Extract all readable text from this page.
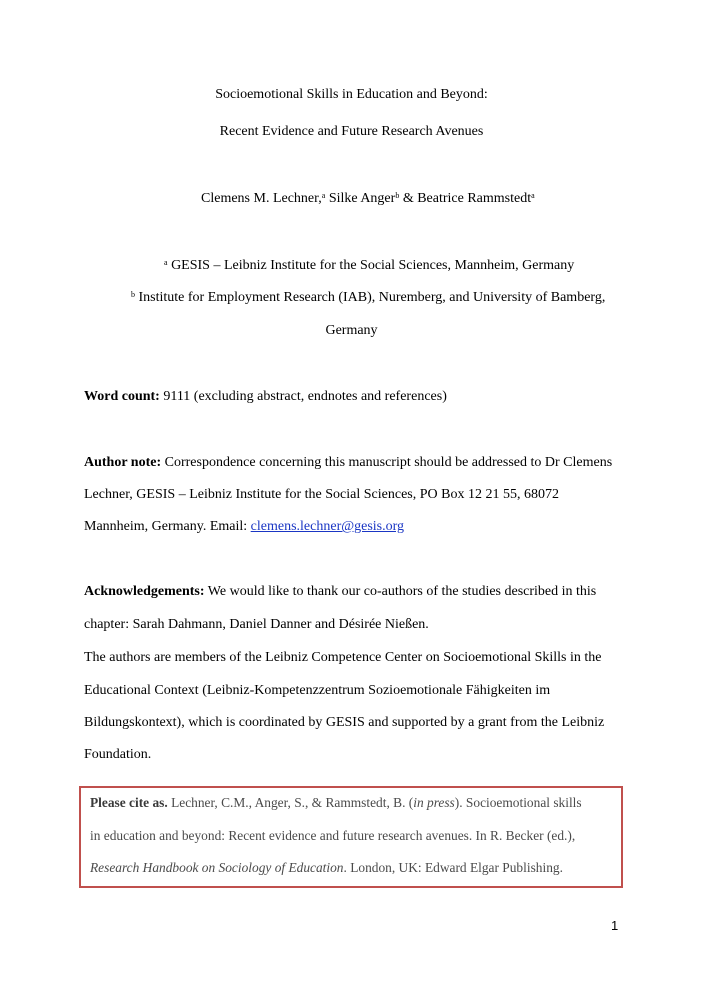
Socioemotional Skills in Education and Beyond:
Recent Evidence and Future Research Avenues
Clemens M. Lechner,$^a$ Silke Anger$^b$ & Beatrice Rammstedt$^a$
$^a$ GESIS – Leibniz Institute for the Social Sciences, Mannheim, Germany
$^b$ Institute for Employment Research (IAB), Nuremberg, and University of Bamberg,
Germany
Word count: 9111 (excluding abstract, endnotes and references)
Author note: Correspondence concerning this manuscript should be addressed to Dr Clemens
Lechner, GESIS – Leibniz Institute for the Social Sciences, PO Box 12 21 55, 68072
Mannheim, Germany. Email: clemens.lechner@gesis.org
Acknowledgements: We would like to thank our co-authors of the studies described in this
chapter: Sarah Dahmann, Daniel Danner and Désirée Nießen.
The authors are members of the Leibniz Competence Center on Socioemotional Skills in the
Educational Context (Leibniz-Kompetenzzentrum Sozioemotionale Fähigkeiten im
Bildungskontext), which is coordinated by GESIS and supported by a grant from the Leibniz
Foundation.
Please cite as. Lechner, C.M., Anger, S., & Rammstedt, B. (in press). Socioemotional skills
in education and beyond: Recent evidence and future research avenues. In R. Becker (ed.),
Research Handbook on Sociology of Education. London, UK: Edward Elgar Publishing.
1
